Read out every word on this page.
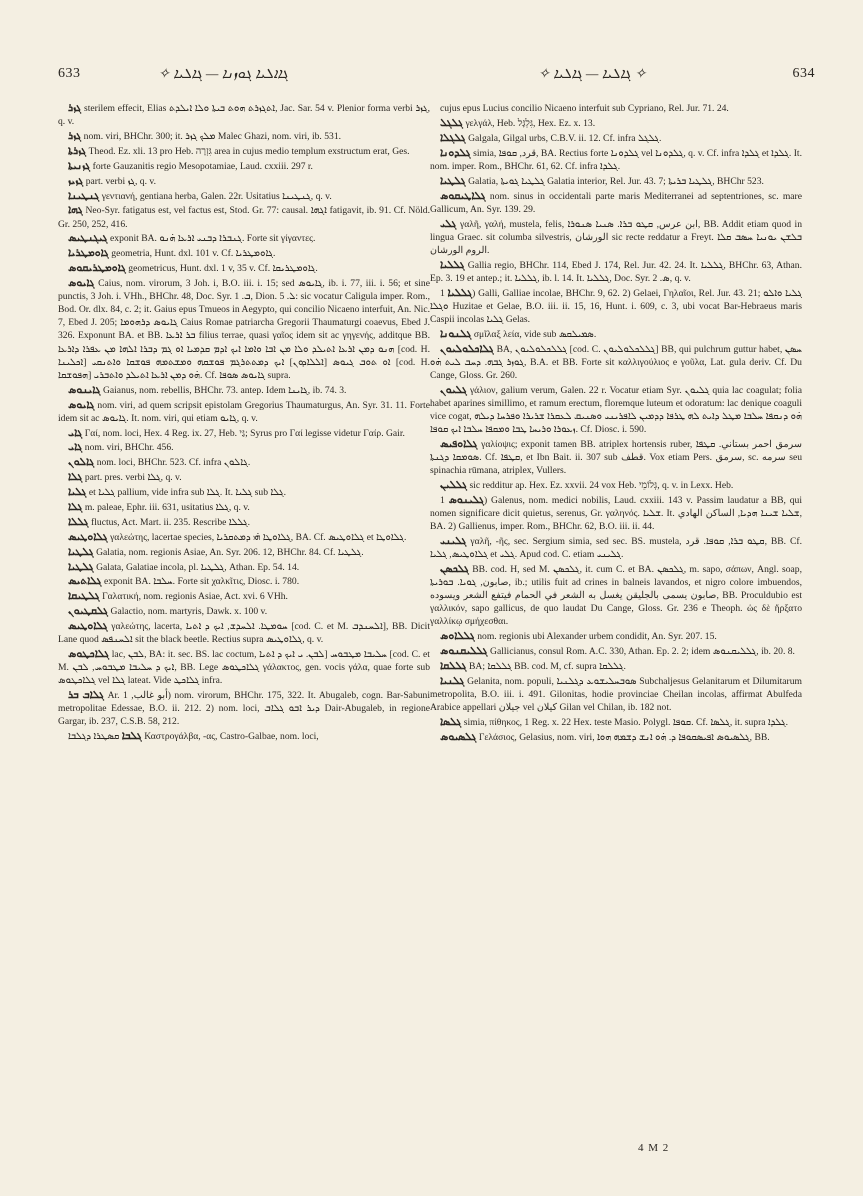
633	✧ ܓܐܐܠܝܐ ܓܘܙܢܐ — ܓܐܠܝܐ	✧ ܓܐܠܝܐ — ܓܐܠܝܐ ✧	634

ܓܙܪ sterilem effecit, Elias ܐܬܓܙܪܬ ܗܘܬ ܒܝܬܐ ܘܠܐ ܐܝܠܕܬ, Jac. Sar. 54 v. Plenior forma verbi ܓܙܪ, q. v.

ܓܙܪ nom. viri, BHChr. 300; it. ܡܠܟ ܓܙܪ Malec Ghazi, nom. viri, ib. 531.

ܓܙܪܬܐ Theod. Ez. xli. 13 pro Heb. גִּזְרָה area in cujus medio templum exstructum erat, Ges.

ܓܙܢܝܬܐ forte Gauzanitis regio Mesopotamiae, Laud. cxxiii. 297 r.

ܓܙܝܙ part. verbi ܓܙ, q. v.

ܓܢܛܝܢܐ γεντιανή, gentiana herba, Galen. 22r. Usitatius ܓܢܛܝܢܐ, q. v.

ܓܗܐ Neo-Syr. fatigatus est, vel factus est, Stod. Gr. 77: causal. ܐܓܗܐ fatigavit, ib. 91. Cf. Nöld. Gr. 250, 252, 416.

ܓܝܓܢܛܝܣ exponit BA. ܓܢܒܪܐ ܕܒܢܝ ܐܪܥܐ ܗ̇ܢܘ. Forte sit γίγαντες.

ܓܐܘܡܛܪܝܐ geometria, Hunt. dxl. 101 v. Cf. ܓܐܘܡܛܪܝܐ.

ܓܐܘܡܛܪܝܩܘܣ geometricus, Hunt. dxl. 1 v, 35 v. Cf. ܓܐܘܡܛܪܝܩܐ.

ܓܐܝܘܣ Caius, nom. virorum, 3 Joh. i, B.O. iii. i. 15; sed ܓܐܝܘܣ, ib. i. 77, iii. i. 56; et sine punctis, 3 Joh. i. VHh., BHChr. 48, Doc. Syr. ܒ. 1, Dion. ܠ. 5: sic vocatur Caligula imper. Rom., Bod. Or. dlx. 84, c. 2; it. Gaius epus Tmueos in Aegypto, qui concilio Nicaeno interfuit, An. Nic. 7, Ebed J. 205; ܓܐܝܘܣ ܕܪܗܘܡܐ Caius Romae patriarcha Gregorii Thaumaturgi coaevus, Ebed J. 326. Exponunt BA. et BB. ܒܪ ܐܪܥܐ filius terrae, quasi γαῖος idem sit ac γηγενής, additque BB. ܗܢܘ ܕܡܢ ܐܪܥܐ ܐܬܝܠܕ ܘܠܐ ܡܢ ܐܒܐ ܘܐܡܐ ܐܝܟ ܐܕܡ ܩܕܡܝܐ ܐܘ ܓܡ ܕܒܪܐ ܐܠܗܐ ܡܢ ܥܦܪܐ ܕܐܪܥܐ [cod. H. ܐܟܠܝܢܐ] ܐܘ ܬܘܒ ܓܝܘܣ [ܐܠܠܐܕܘܢ] ܐܝܟ ܕܡܬܬܪܓܡ ܦܘܫܩܗ ܘܡܫܬܡܗ ܦܘܫܩܐ ܘܐܬܢܩܝ [cod. H. ܗܦܘܫܩܐ] ܗ̇ܘ ܕܡܢ ܐܪܥܐ ܐܬܝܠܕ ܘܐܬܒܪܝ. Cf. ܓܐܝܘܣ ܣܘܦܐ supra.

ܓܐܝܢܘܣ Gaianus, nom. rebellis, BHChr. 73. antep. Idem ܓܐܝܢܐ, ib. 74. 3.

ܓܐܝܘܣ nom. viri, ad quem scripsit epistolam Gregorius Thaumaturgus, An. Syr. 31. 11. Forte idem sit ac ܓܐܝܘܣ. It. nom. viri, qui etiam ܓܐܝܘ, q. v.

ܓܐܝ Γαί, nom. loci, Hex. 4 Reg. ix. 27, Heb. גַּי; Syrus pro Γαί legisse videtur Γαίρ. Gair.

ܓܐܝ nom. viri, BHChr. 456.

ܓܐܠܘܢ nom. loci, BHChr. 523. Cf. infra ܓܐܠܘܢ.

ܓܠܐ part. pres. verbi ܓܠܐ, q. v.

ܓܠܝܐ et ܓܠܝܐ pallium, vide infra sub ܓܠܐ. It. ܓܠܝܐ sub ܓܠܐ.

ܓܠܐ m. paleae, Ephr. iii. 631, usitatius ܓܠܐ, q. v.

ܓܠܠܐ fluctus, Act. Mart. ii. 235. Rescribe ܓܠܠܐ.

ܓܠܐܘܛܝܣ γαλεώτης, lacertae species, ܓܠܐܘܛܐ ܗ̇ܝ ܕܡܬܩܪܝܐ, BA. Cf. ܓܠܐܘܛܝܣ et ܓܠܐܘܛܐ.

ܓܠܛܝܐ Galatia, nom. regionis Asiae, An. Syr. 206. 12, BHChr. 84. Cf. ܓܠܛܝܐ.

ܓܠܛܝܐ Galata, Galatiae incola, pl. ܓܠܛܝܐ, Athan. Ep. 54. 14.

ܓܠܐܬܝܣ exponit BA. ܚܠܒܐ. Forte sit χαλκῖτις, Diosc. i. 780.

ܓܠܛܝܩܐ Γαλατική, nom. regionis Asiae, Act. xvi. 6 VHh.

ܓܠܩܛܝܘܢ Galactio, nom. martyris, Dawk. x. 100 v.

ܓܠܐܘܛܝܣ γαλεώτης, lacerta, ܚܘܡܛܐ. ܐܠܚܕܫ, ܐܝܟ ܕ ܐܬܝܐ [cod. C. et M. ܐܠܚܢܕܒ], BB. Dicit Lane quod ܐܠܚܢܦܣ sit the black beetle. Rectius supra ܓܠܐܘܛܝܣ, q. v.

ܓܠܐܟܛܘܣ lac, ܠܒܢ, BA: it. sec. BS. lac coctum, ܚܠܝܒܐ ܡܛܒܘܚ [ܠܒܢ. ܝ ܐܝܟ ܕ ܐܬܝܐ [cod. C. et M. ܐܝܟ ܕ ܚܠܝܒܐ ܡܛܒܘܚ, ܠܒܢ, BB. Lege ܓܠܐܟܛܘܣ γάλακτος, gen. vocis γάλα, quae forte sub ܓܠܐܟܛܘܣ vel ܓܠܐ lateat. Vide ܓܠܐܟܛ infra.

ܓܠܐܒ ܒܪ Ar. أبو غالب, 1) nom. virorum, BHChr. 175, 322. It. Abugaleb, cogn. Bar-Sabuni metropolitae Edessae, B.O. ii. 212. 2) nom. loci, ܕܝܪ ܐܒܘ ܓܠܐܒ Dair-Abugaleb, in regione Gargar, ib. 237, C.S.B. 58, 212.

ܓܠܒܐ ܩܣܛܪܐ ܕܓܠܒܐ Καστρογάλβα, -ας, Castro-Galbae, nom. loci,

cujus epus Lucius concilio Nicaeno interfuit sub Cypriano, Rel. Jur. 71. 24.

ܓܠܓܠ γελγάλ, Heb. גִּלְגָּל, Hex. Ez. x. 13.

ܓܠܓܠܐ Galgala, Gilgal urbs, C.B.V. ii. 12. Cf. infra ܓܠܓܠ.

ܓܠܕܘܢܐ simia, قرد, ܩܘܦܐ, BA. Rectius forte ܓܠܕܘܢܐ vel ܓܠܕܘܢܐ, q. v. Cf. infra ܓܠܕܐ et ܓܠܕܐ. It. nom. imper. Rom., BHChr. 61, 62. Cf. infra ܓܠܕܐ.

ܓܠܛܝܐ Galatia, ܓܠܛܝܐ ܓܘܝܬܐ Galatia interior, Rel. Jur. 43. 7; ܓܠܛܝܐ ܒܪܝܬܐ, BHChr 523.

ܓܠܐܛܝܩܘܣ nom. sinus in occidentali parte maris Mediterranei ad septentriones, sc. mare Gallicum, An. Syr. 139. 29.

ܓܠܝ γαλῆ, γαλή, mustela, felis, ابن عرس, ܩܛܘ ܒܪܐ. ܣܢܝܐ ܣܢܘܪܐ, BB. Addit etiam quod in lingua Graec. sit columba silvestris, الورشان sic recte reddatur a Freyt. ܒܠܫܢ ܝܘܢܝܐ ܚܣܒ ܩܠܐ الروم الورشان.

ܓܠܠܝܐ Gallia regio, BHChr. 114, Ebed J. 174, Rel. Jur. 42. 24. It. ܓܠܠܝܐ, BHChr. 63, Athan. Ep. 3. 19 et antep.; it. ܓܠܠܝܐ, ib. l. 14. It. ܓܠܠܝܐ, Doc. Syr. ܣ. 2, q. v.

ܓܠܠܝܐ 1) Galli, Galliae incolae, BHChr. 9, 62. 2) Gelaei, Γηλαῖοι, Rel. Jur. 43. 21; ܓܠܝܐ ܘܐܠܘ ܘܓܠܐ Huzitae et Gelae, B.O. iii. ii. 15, 16, Hunt. i. 609, c. 3, ubi vocat Bar-Hebraeus maris Caspii incolas ܓܠܝܐ Gelas.

ܓܠܢܘܢܐ σμῖλαξ λεία, vide sub ܣܡܝܠܩܣ.

ܓܠܐܟܠܘܠܝܘܢ BA, ܓܠܠܟܠܘܠܝܘܢ [cod. C. ܓܠܠܟܠܘܠܝܘܢ] BB, qui pulchrum guttur habet, ܚܣܢ ܓܘܙܪ ܓܒܗ. ܕܚܒ ܠܝܬ ܗ̇ܘ, B.A. et BB. Forte sit καλλιγούλιος e γοῦλα, Lat. gula deriv. Cf. Du Cange, Gloss. Gr. 260.

ܓܠܝܘܢ γάλιον, galium verum, Galen. 22 r. Vocatur etiam Syr. ܓܠܝܘܢ quia lac coagulat; folia habet aparines simillimo, et ramum erectum, floremque luteum et odoratum: lac denique coaguli vice cogat, ܗ̇ܘ ܕܢܩܦܐ ܚܠܒܐ ܡܛܠ ܕܐܝܬ ܠܗ ܛܪܦܐ ܕܕܡܝܢ ܠܐܦܪܝܢܝ ܘܣܢܝܩ ܠܥܩܪܐ ܫܪܝܪܐ ܘܦܪܚܐ ܕܝܠܗ ܙܥܘܪܐ ܘܪܝܚܐ ܛܒܐ ܘܡܩܦܐ ܚܠܒܐ ܐܝܟ ܩܘܦܐ. Cf. Diosc. i. 590.

ܓܠܐܘܦܝܣ γαλίοψις; exponit tamen BB. atriplex hortensis ruber, سرمق احمر بستاني. ܩܛܦܐ ܣܘܡܩܐ ܕܓܢܬܐ. Cf. ܩܛܦܐ, et Ibn Bait. ii. 307 sub قطف. Vox etiam Pers. سرمق, sc. سرمه seu spinachia rūmana, atriplex, Vullers.

ܓܠܠܝܢ sic redditur ap. Hex. Ez. xxvii. 24 vox Heb. גְּלוֹמֵי, q. v. in Lexx. Heb.

ܓܠܝܢܘܣ 1) Galenus, nom. medici nobilis, Laud. cxxiii. 143 v. Passim laudatur a BB, qui nomen significare dicit quietus, serenus, Gr. γαληνός. ܫܠܝܐ. It. ܫܠܝܐ ܫܝܢܐ ܗܕܝܐ, الساكن الهادي, BA. 2) Gallienus, imper. Rom., BHChr. 62, B.O. iii. ii. 44.

ܓܠܝܢܝ γαλῆ, -ῆς, sec. Sergium simia, sed sec. BS. mustela, ܩܛܘ ܒܪܐ, ܩܘܦܐ. قرد, BB. Cf. ܓܠܐܘܛܝܣ, ܓܠܝܐ et ܓܠܝ. Apud cod. C. etiam ܓܠܝܢܝ.

ܓܠܟܣܢ BB. cod. H, sed M. ܓܠܟܣܢ, it. cum C. et BA. ܓܠܟܣܢ, m. sapo, σάπων, Angl. soap, صابون, ܓܘܝܐ. ܒܘܪܝܬܐ, ib.; utilis fuit ad crines in balneis lavandos, et nigro colore imbuendos, صابون يسمى بالجليقن يغسل به الشعر في الحمام فيتفع الشعر ويسوده, BB. Proculdubio est γαλλικόν, sapo gallicus, de quo laudat Du Cange, Gloss. Gr. 236 e Theoph. ὡς δὲ ἤρξατο γαλλίκῳ σμήχεσθαι.

ܓܠܠܐܘܣ nom. regionis ubi Alexander urbem condidit, An. Syr. 207. 15.

ܓܠܠܝܩܢܘܣ Gallicianus, consul Rom. A.C. 330, Athan. Ep. 2. 2; idem ܓܠܠܝܩܢܘܣ, ib. 20. 8.

ܓܠܠܩܐ BA; ܓܠܠܩܐ BB. cod. M, cf. supra ܓܠܠܩܐ.

ܓܠܢܝܐ Gelanita, nom. populi, ܣܘܒܚܠܝܫܘܥ ܕܓܠܢܝܐ Subchaljesus Gelanitarum et Dilumitarum metropolita, B.O. iii. i. 491. Gilonitas, hodie provinciae Cheilan incolas, affirmat Abulfeda Arabice appellari جيلان vel كيلان Gilan vel Chilan, ib. 182 not.

ܓܠܣܐ simia, πίθηκος, 1 Reg. x. 22 Hex. teste Masio. Polygl. ܩܘܦܐ. Cf. ܓܠܣܐ, it. supra ܓܠܕܐ.

ܓܠܣܝܘܣ Γελάσιος, Gelasius, nom. viri, ܓܠܣܝܘܣ ܐܦܝܣܩܘܦܐ ܕ. ܗ̇ܘ ܐܢܫ ܕܫܡܗ ܗܘܐ, BB.

4 M 2
